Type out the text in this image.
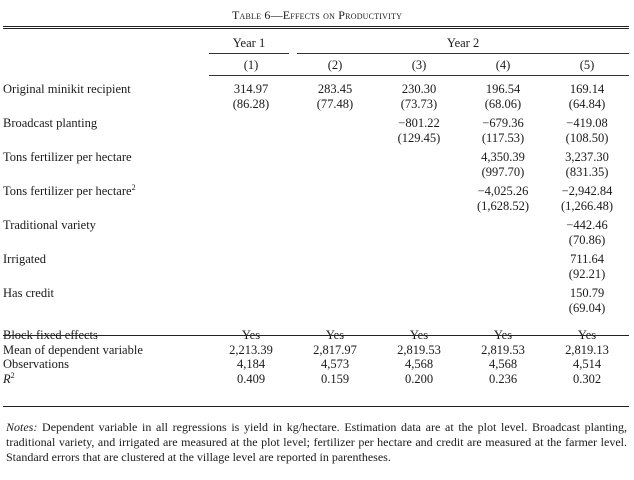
Table 6—Effects on Productivity
	Year 1	Year 2			

	(1)	(2)	(3)	(4)	(5)

Original minikit recipient	314.97	283.45	230.30	196.54	169.14
	(86.28)	(77.48)	(73.73)	(68.06)	(64.84)

Broadcast planting			−801.22	−679.36	−419.08
			(129.45)	(117.53)	(108.50)

Tons fertilizer per hectare				4,350.39	3,237.30
				(997.70)	(831.35)

Tons fertilizer per hectare$^2$				−4,025.26	−2,942.84
				(1,628.52)	(1,266.48)

Traditional variety					−442.46
					(70.86)

Irrigated					711.64
					(92.21)

Has credit					150.79
					(69.04)

Block fixed effects	Yes	Yes	Yes	Yes	Yes
Mean of dependent variable	2,213.39	2,817.97	2,819.53	2,819.53	2,819.13
Observations	4,184	4,573	4,568	4,568	4,514
$R^2$	0.409	0.159	0.200	0.236	0.302
Notes: Dependent variable in all regressions is yield in kg/hectare. Estimation data are at the plot level. Broadcast planting, traditional variety, and irrigated are measured at the plot level; fertilizer per hectare and credit are measured at the farmer level. Standard errors that are clustered at the village level are reported in parentheses.
